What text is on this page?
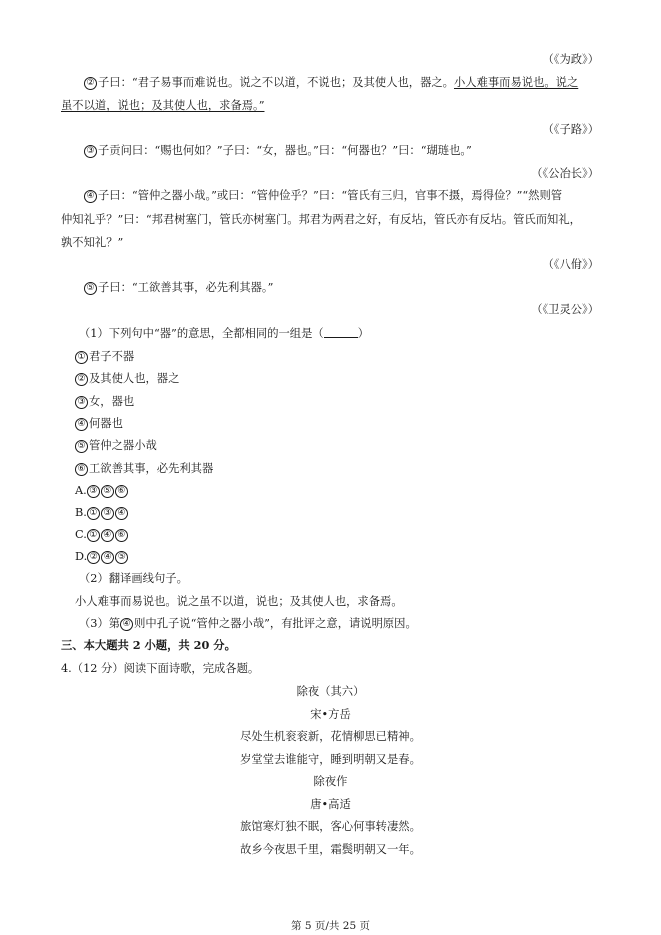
（《为政》）
② 子曰：“君子易事而难说也。说之不以道，不说也；及其使人也，器之。小人难事而易说也。说之
虽不以道，说也；及其使人也，求备焉。”
（《子路》）
③ 子贡问曰：“赐也何如？”子曰：“女，器也。”曰：“何器也？”曰：“瑚琏也。”
（《公冶长》）
④ 子曰：“管仲之器小哉。”或曰：“管仲俭乎？”曰：“管氏有三归，官事不摄，焉得俭？”“然则管
仲知礼乎？”曰：“邦君树塞门，管氏亦树塞门。邦君为两君之好，有反坫，管氏亦有反坫。管氏而知礼，
孰不知礼？”
（《八佾》）
⑤ 子曰：“工欲善其事，必先利其器。”
（《卫灵公》）
（1）下列句中“器”的意思，全都相同的一组是（	）
① 君子不器
② 及其使人也，器之
③ 女，器也
④ 何器也
⑤ 管仲之器小哉
⑥ 工欲善其事，必先利其器
A. ③ ⑤ ⑥
B. ① ③ ④
C. ① ④ ⑥
D. ② ④ ⑤
（2）翻译画线句子。
小人难事而易说也。说之虽不以道，说也；及其使人也，求备焉。
（3）第 ④ 则中孔子说“管仲之器小哉”，有批评之意，请说明原因。
三、本大题共 2 小题，共 20 分。
4.（12 分）阅读下面诗歌，完成各题。
除夜（其六）
宋•方岳
尽处生机衮衮新，花情柳思已精神。
岁堂堂去谁能守，睡到明朝又是春。
除夜作
唐•高适
旅馆寒灯独不眠，客心何事转凄然。
故乡今夜思千里，霜鬓明朝又一年。
第 5 页/共 25 页
